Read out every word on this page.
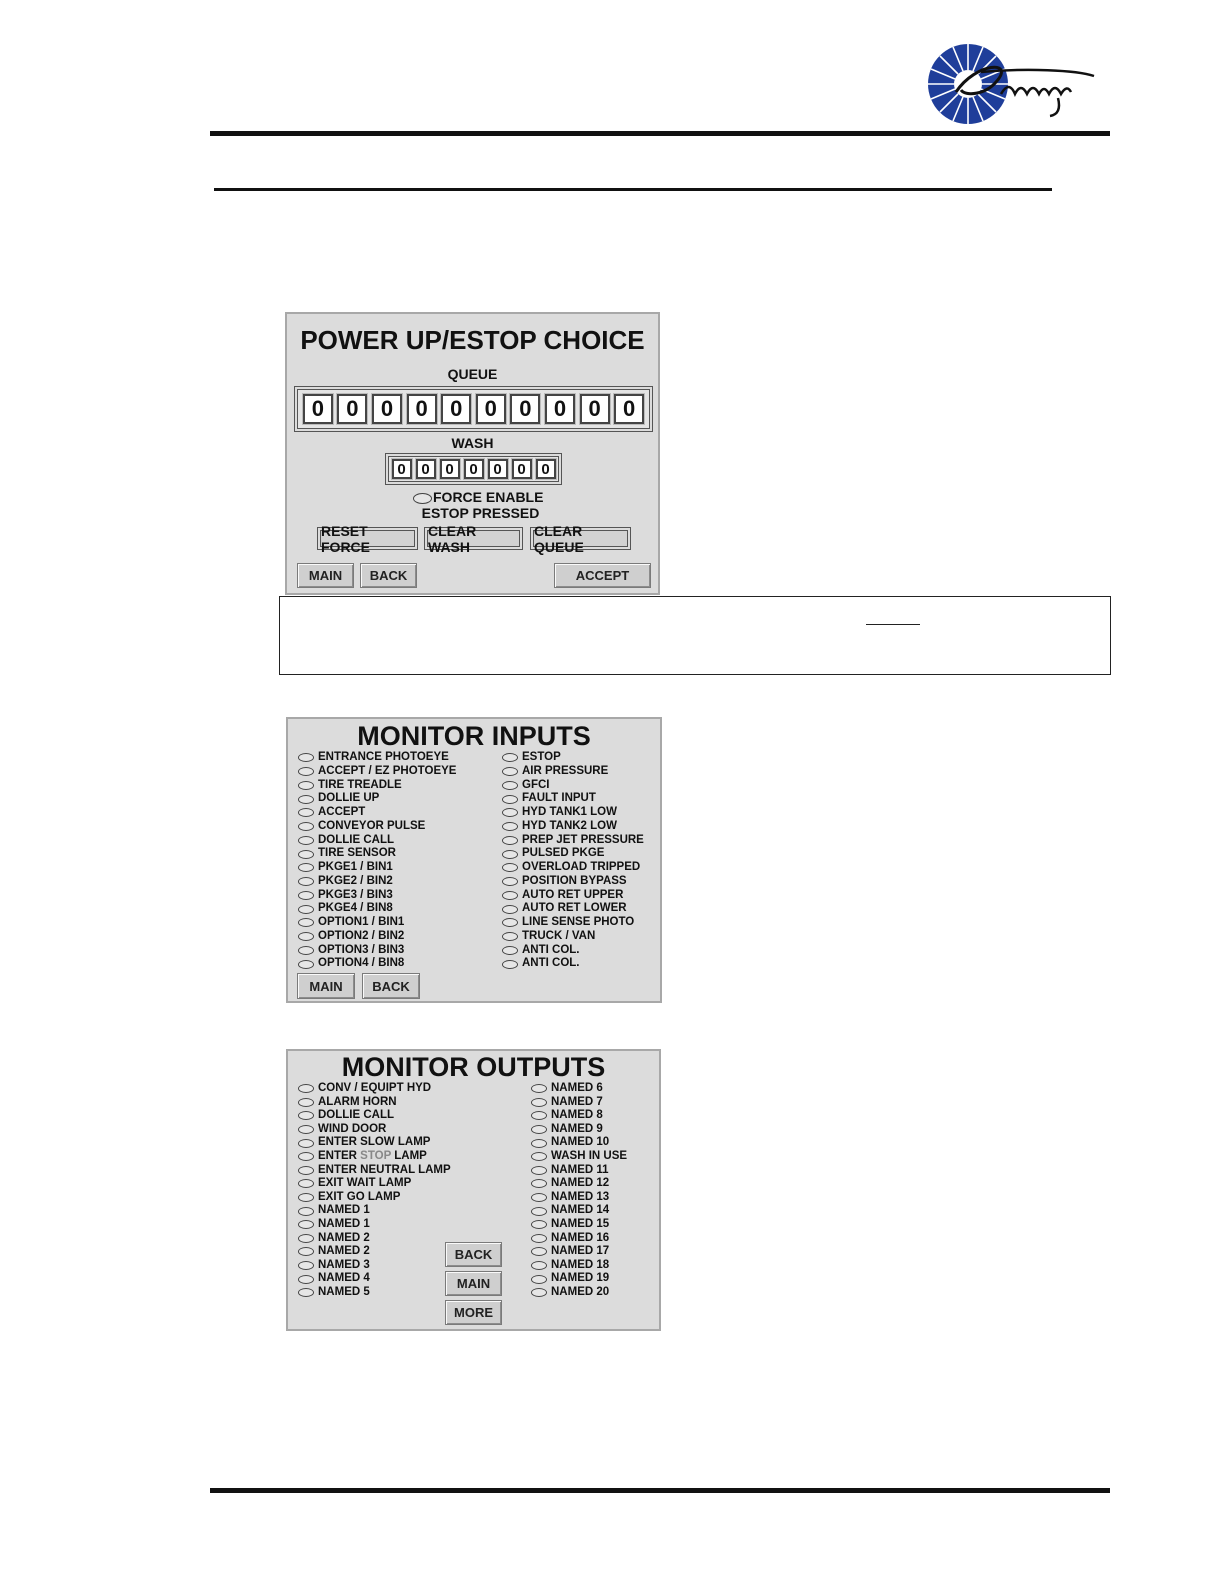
POWER UP/ESTOP CHOICE
QUEUE
0	0	0	0	0	0	0	0	0	0
WASH
0	0	0	0	0	0	0
FORCE ENABLE
ESTOP PRESSED
RESET FORCE
CLEAR WASH
CLEAR QUEUE
MAIN	BACK	ACCEPT
MONITOR INPUTS
ENTRANCE PHOTOEYE
ACCEPT / EZ PHOTOEYE
TIRE TREADLE
DOLLIE UP
ACCEPT
CONVEYOR PULSE
DOLLIE CALL
TIRE SENSOR
PKGE1 / BIN1
PKGE2 / BIN2
PKGE3 / BIN3
PKGE4 / BIN8
OPTION1 / BIN1
OPTION2 / BIN2
OPTION3 / BIN3
OPTION4 / BIN8
ESTOP
AIR PRESSURE
GFCI
FAULT INPUT
HYD TANK1 LOW
HYD TANK2 LOW
PREP JET PRESSURE
PULSED PKGE
OVERLOAD TRIPPED
POSITION BYPASS
AUTO RET UPPER
AUTO RET LOWER
LINE SENSE PHOTO
TRUCK / VAN
ANTI COL.
ANTI COL.
MAIN	BACK
MONITOR OUTPUTS
CONV / EQUIPT HYD
ALARM HORN
DOLLIE CALL
WIND DOOR
ENTER SLOW LAMP
ENTER STOP LAMP
ENTER NEUTRAL LAMP
EXIT WAIT LAMP
EXIT GO LAMP
NAMED 1
NAMED 1
NAMED 2
NAMED 2
NAMED 3
NAMED 4
NAMED 5
NAMED 6
NAMED 7
NAMED 8
NAMED 9
NAMED 10
WASH IN USE
NAMED 11
NAMED 12
NAMED 13
NAMED 14
NAMED 15
NAMED 16
NAMED 17
NAMED 18
NAMED 19
NAMED 20
BACK
MAIN
MORE
